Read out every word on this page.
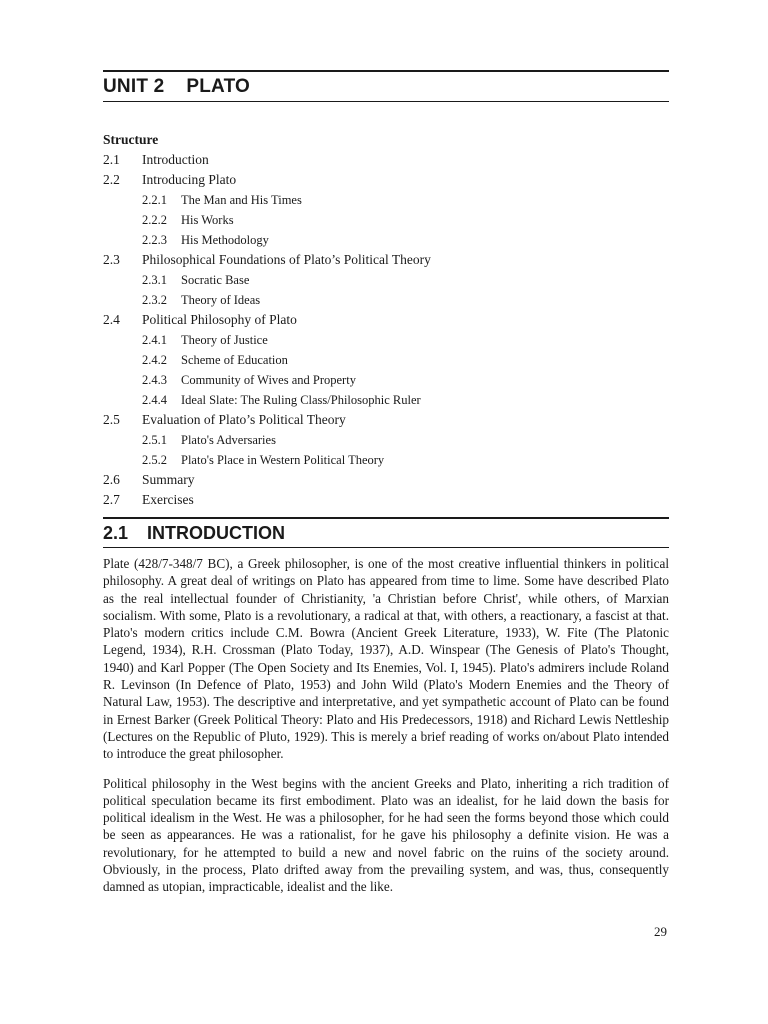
UNIT 2 PLATO
Structure
2.1	Introduction
2.2	Introducing Plato
2.2.1	The Man and His Times
2.2.2	His Works
2.2.3	His Methodology
2.3	Philosophical Foundations of Plato’s Political Theory
2.3.1	Socratic Base
2.3.2	Theory of Ideas
2.4	Political Philosophy of Plato
2.4.1	Theory of Justice
2.4.2	Scheme of Education
2.4.3	Community of Wives and Property
2.4.4	Ideal Slate: The Ruling Class/Philosophic Ruler
2.5	Evaluation of Plato’s Political Theory
2.5.1	Plato's Adversaries
2.5.2	Plato's Place in Western Political Theory
2.6	Summary
2.7	Exercises
2.1 INTRODUCTION

Plate (428/7-348/7 BC), a Greek philosopher, is one of the most creative influential thinkers in political philosophy. A great deal of writings on Plato has appeared from time to lime. Some have described Plato as the real intellectual founder of Christianity, 'a Christian before Christ', while others, of Marxian socialism. With some, Plato is a revolutionary, a radical at that, with others, a reactionary, a fascist at that. Plato's modern critics include C.M. Bowra (Ancient Greek Literature, 1933), W. Fite (The Platonic Legend, 1934), R.H. Crossman (Plato Today, 1937), A.D. Winspear (The Genesis of Plato's Thought, 1940) and Karl Popper (The Open Society and Its Enemies, Vol. I, 1945). Plato's admirers include Roland R. Levinson (In Defence of Plato, 1953) and John Wild (Plato's Modern Enemies and the Theory of Natural Law, 1953). The descriptive and interpretative, and yet sympathetic account of Plato can be found in Ernest Barker (Greek Political Theory: Plato and His Predecessors, 1918) and Richard Lewis Nettleship (Lectures on the Republic of Pluto, 1929). This is merely a brief reading of works on/about Plato intended to introduce the great philosopher.

Political philosophy in the West begins with the ancient Greeks and Plato, inheriting a rich tradition of political speculation became its first embodiment. Plato was an idealist, for he laid down the basis for political idealism in the West. He was a philosopher, for he had seen the forms beyond those which could be seen as appearances. He was a rationalist, for he gave his philosophy a definite vision. He was a revolutionary, for he attempted to build a new and novel fabric on the ruins of the society around. Obviously, in the process, Plato drifted away from the prevailing system, and was, thus, consequently damned as utopian, impracticable, idealist and the like.

29
